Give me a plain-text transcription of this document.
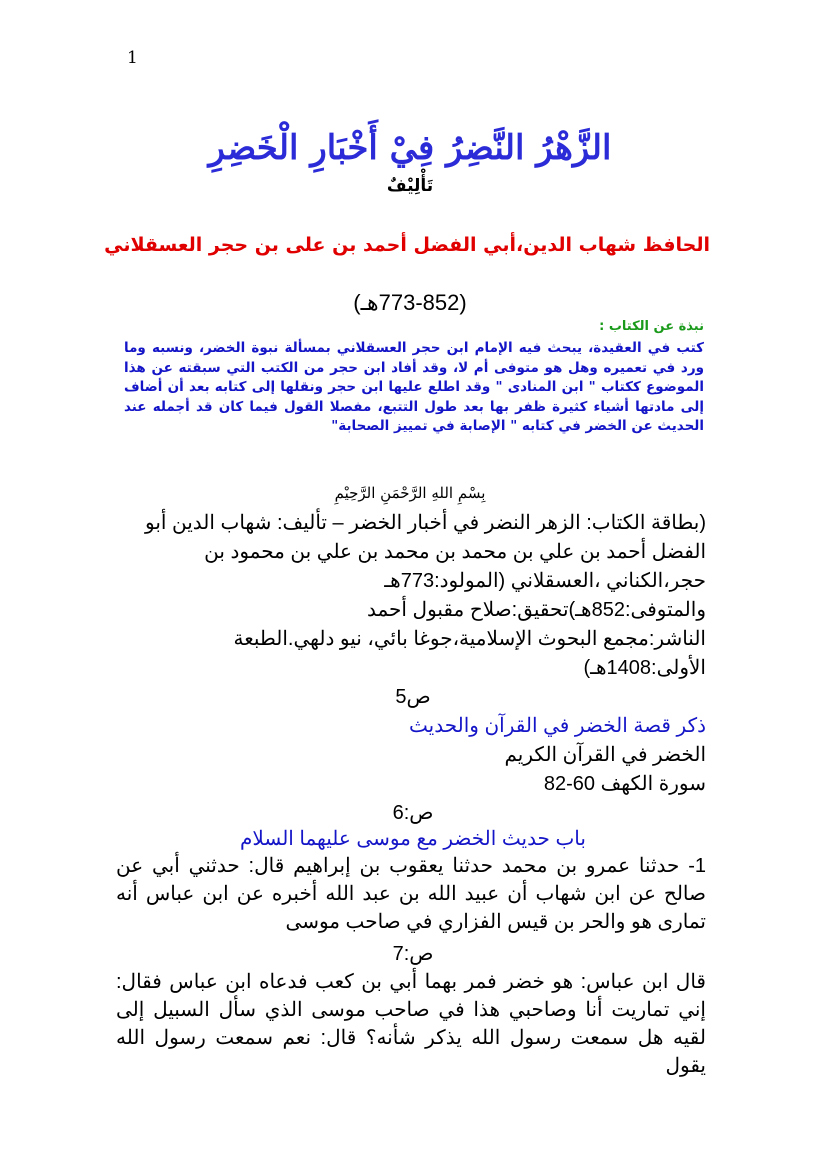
1
الزَّهْرُ النَّضِرُ فِيْ أَخْبَارِ الْخَضِرِ
تَأْلِيْفٌ
الحافظ شهاب الدين،أبي الفضل أحمد بن على بن حجر العسقلاني
(773-852هـ)
نبذة عن الكتاب :
كتب في العقيدة، يبحث فيه الإمام ابن حجر العسقلاني بمسألة نبوة الخضر، ونسبه وما ورد في تعميره وهل هو متوفى أم لا، وقد أفاد ابن حجر من الكتب التي سبقته عن هذا الموضوع ككتاب " ابن المنادى " وقد اطلع عليها ابن حجر ونقلها إلى كتابه بعد أن أضاف إلى مادتها أشياء كثيرة ظفر بها بعد طول التتبع، مفصلا القول فيما كان قد أجمله عند الحديث عن الخضر في كتابه " الإصابة في تمييز الصحابة"
بِسْمِ اللهِ الرَّحْمَنِ الرَّحِيْمِ
(بطاقة الكتاب: الزهر النضر في أخبار الخضر – تأليف: شهاب الدين أبو
الفضل أحمد بن علي بن محمد بن محمد بن علي بن محمود بن
حجر،الكناني ،العسقلاني (المولود:773هـ
والمتوفى:852هـ)تحقيق:صلاح مقبول أحمد
الناشر:مجمع البحوث الإسلامية،جوغا بائي، نيو دلهي.الطبعة
الأولى:1408هـ)
ص5
ذكر قصة الخضر في القرآن والحديث
الخضر في القرآن الكريم
سورة الكهف 60-82
ص:6
باب حديث الخضر مع موسى عليهما السلام
1- حدثنا عمرو بن محمد حدثنا يعقوب بن إبراهيم قال: حدثني أبي عن صالح عن ابن شهاب أن عبيد الله بن عبد الله أخبره عن ابن عباس أنه تمارى هو والحر بن قيس الفزاري في صاحب موسى
ص:7
قال ابن عباس: هو خضر فمر بهما أبي بن كعب فدعاه ابن عباس فقال: إني تماريت أنا وصاحبي هذا في صاحب موسى الذي سأل السبيل إلى لقيه هل سمعت رسول الله يذكر شأنه؟ قال: نعم سمعت رسول الله يقول
